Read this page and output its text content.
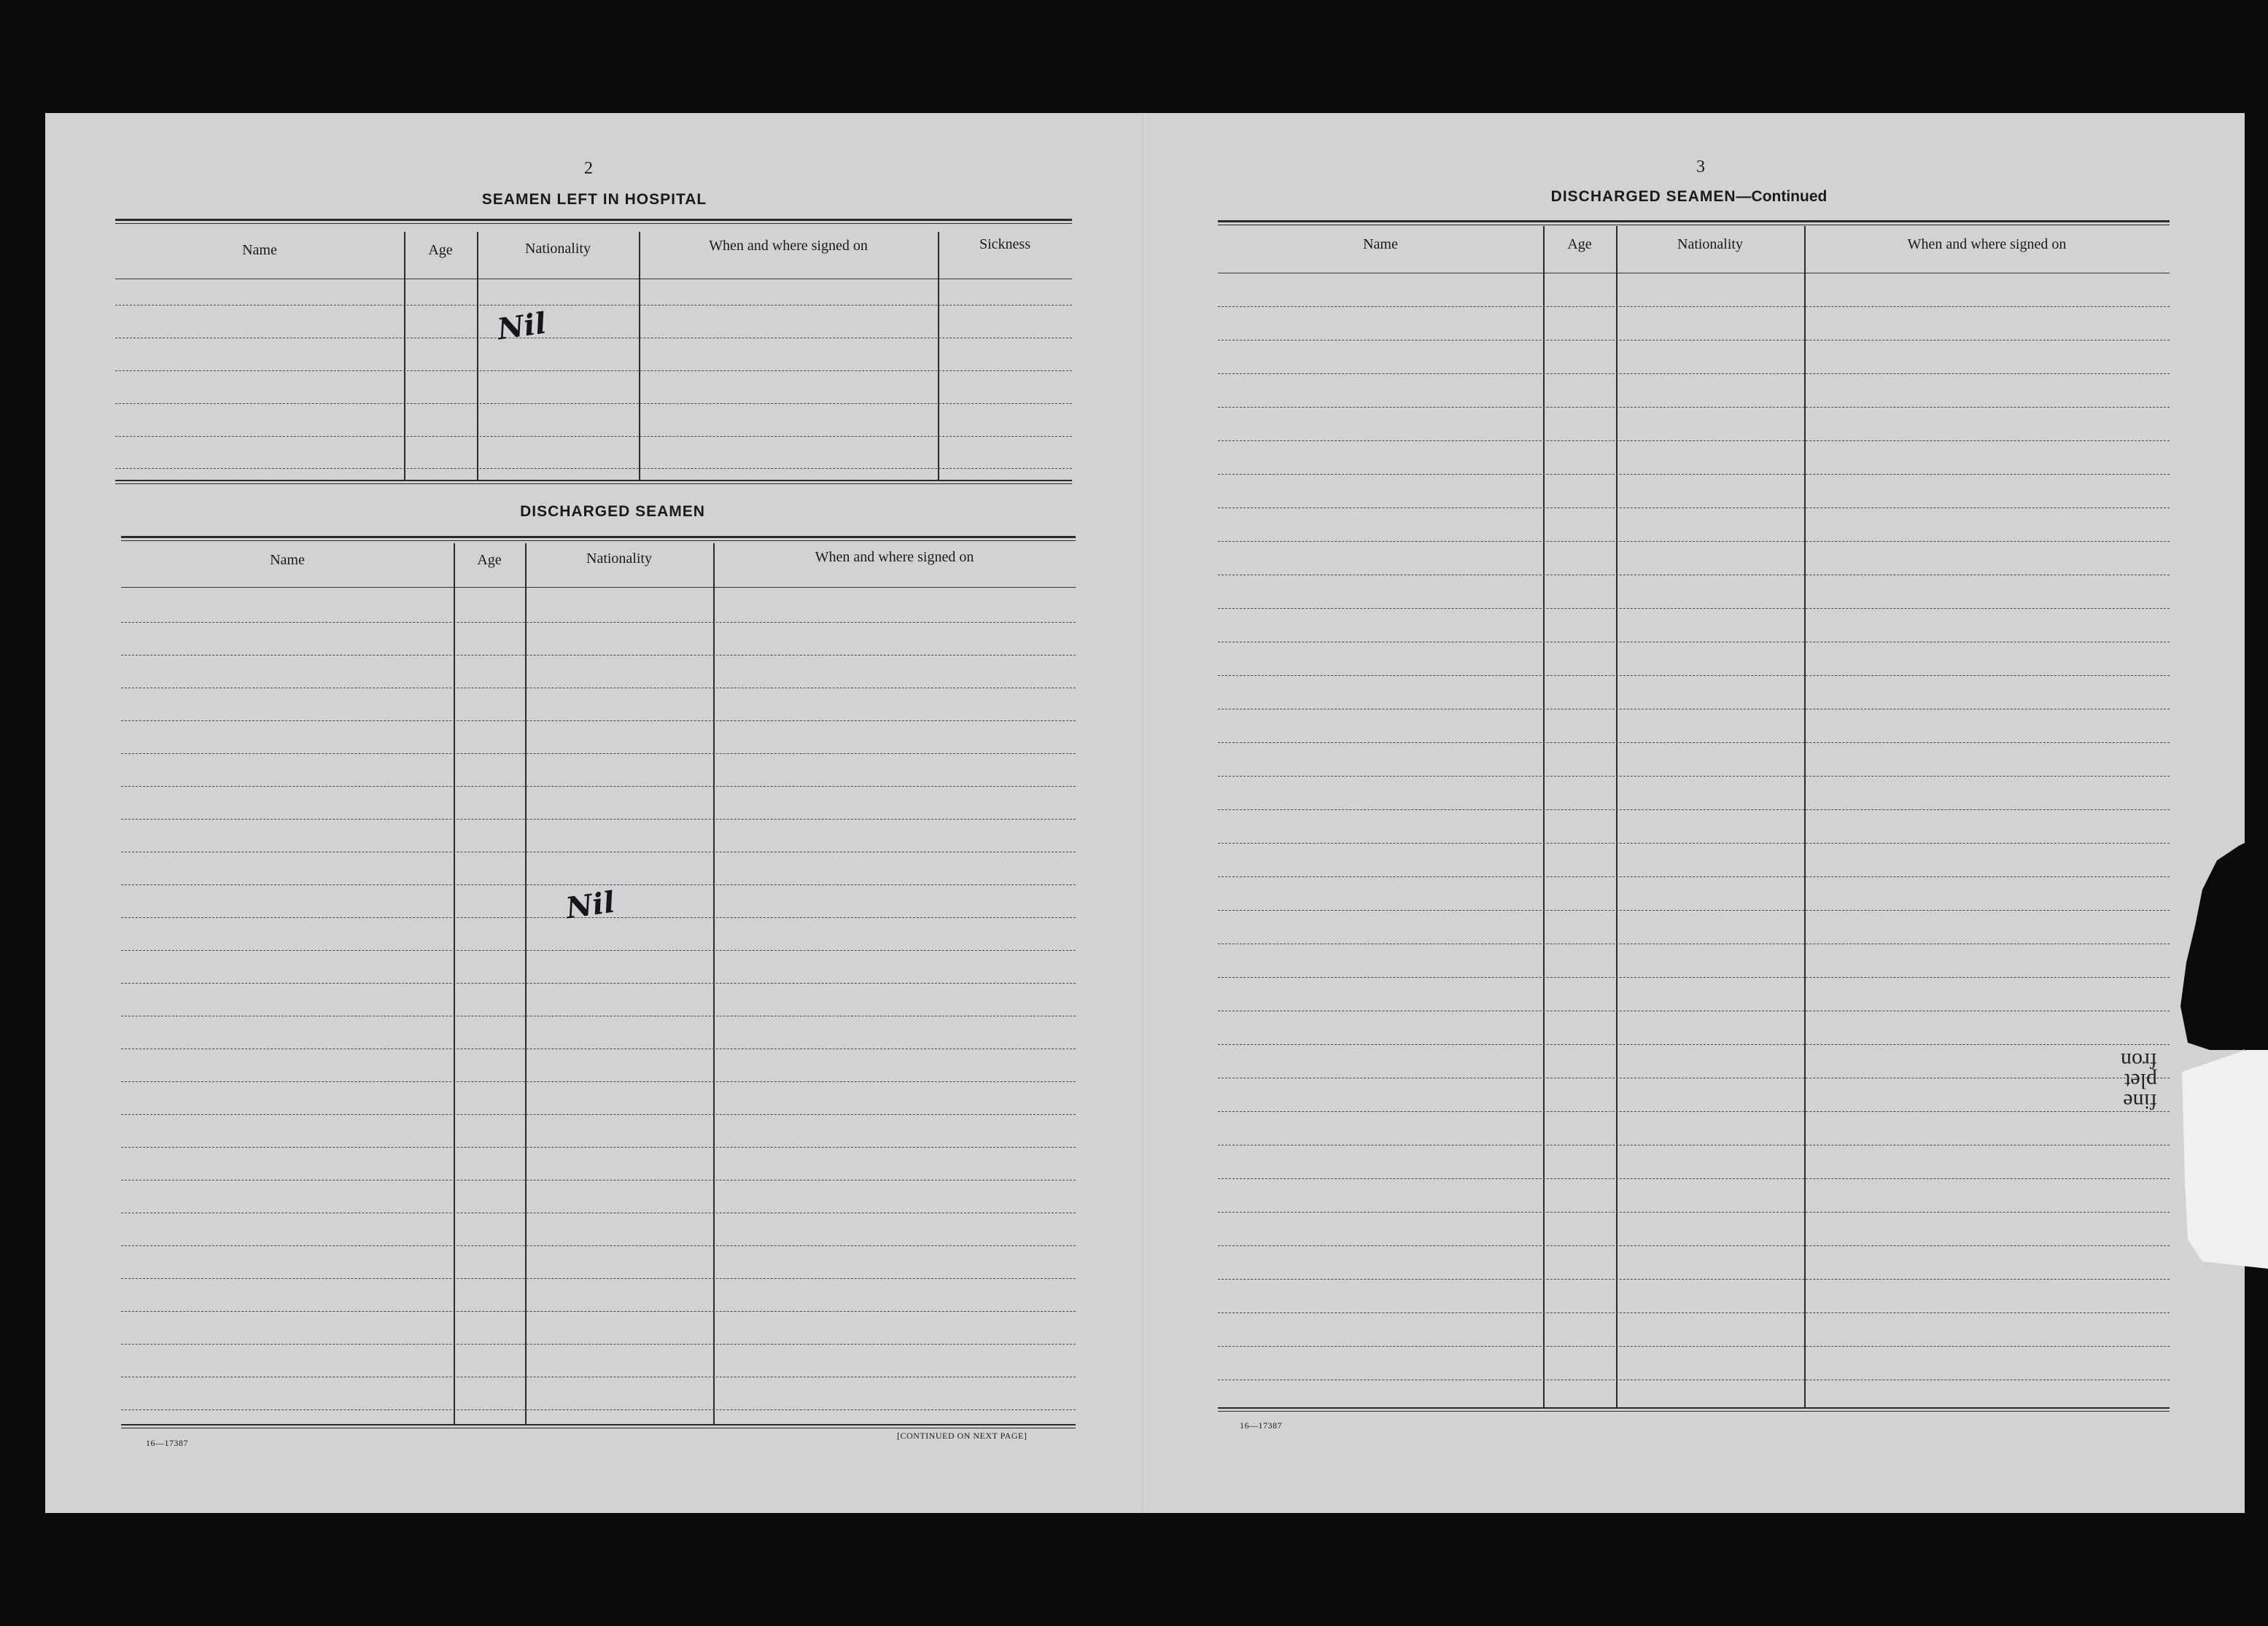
2
SEAMEN LEFT IN HOSPITAL
Name	Age	Nationality	When and where signed on	Sickness
Nil
DISCHARGED SEAMEN
Name	Age	Nationality	When and where signed on
Nil
16—17387
[CONTINUED ON NEXT PAGE]
3
DISCHARGED SEAMEN—Continued
Name	Age	Nationality	When and where signed on
16—17387
fine
plet
fron
